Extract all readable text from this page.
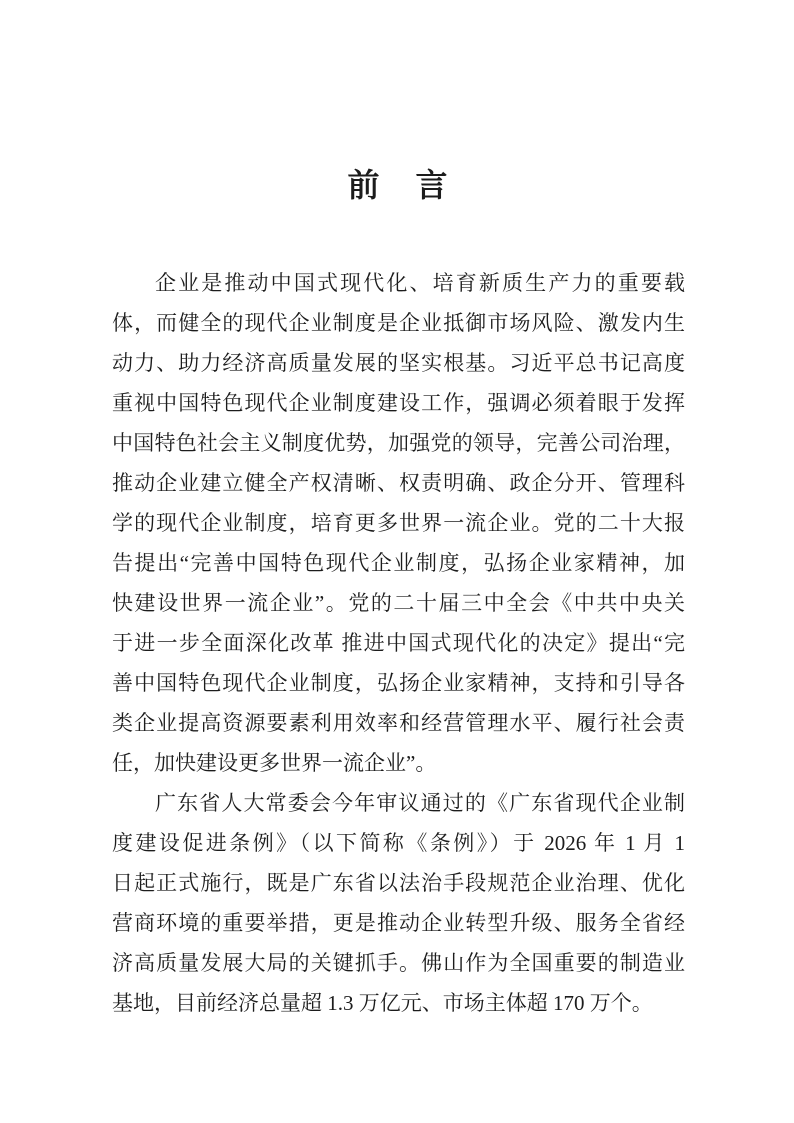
前　言
企业是推动中国式现代化、培育新质生产力的重要载
体，而健全的现代企业制度是企业抵御市场风险、激发内生
动力、助力经济高质量发展的坚实根基。习近平总书记高度
重视中国特色现代企业制度建设工作，强调必须着眼于发挥
中国特色社会主义制度优势，加强党的领导，完善公司治理，
推动企业建立健全产权清晰、权责明确、政企分开、管理科
学的现代企业制度，培育更多世界一流企业。党的二十大报
告提出“完善中国特色现代企业制度，弘扬企业家精神，加
快建设世界一流企业”。党的二十届三中全会《中共中央关
于进一步全面深化改革 推进中国式现代化的决定》提出“完
善中国特色现代企业制度，弘扬企业家精神，支持和引导各
类企业提高资源要素利用效率和经营管理水平、履行社会责
任，加快建设更多世界一流企业”。
广东省人大常委会今年审议通过的《广东省现代企业制
度建设促进条例》（以下简称《条例》）于 2026 年 1 月 1
日起正式施行，既是广东省以法治手段规范企业治理、优化
营商环境的重要举措，更是推动企业转型升级、服务全省经
济高质量发展大局的关键抓手。佛山作为全国重要的制造业
基地，目前经济总量超 1.3 万亿元、市场主体超 170 万个。
